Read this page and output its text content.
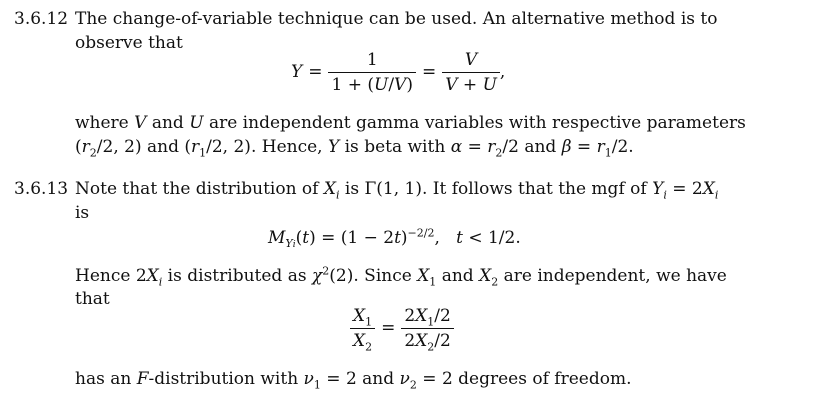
3.6.12 The change-of-variable technique can be used. An alternative method is to
observe that
$Y = \frac{1}{1 + (U/V)} = \frac{V}{V + U}$ ,
where V and U are independent gamma variables with respective parameters
($r_2/2$, 2) and ($r_1/2$, 2). Hence, Y is beta with $\alpha = r_2/2$ and $\beta = r_1/2$.
3.6.13 Note that the distribution of $X_i$ is Γ(1, 1). It follows that the mgf of $Y_i = 2X_i$
is
$M_{Yi}(t) = (1 - 2t)^{-2/2}$,   t < 1/2.
Hence $2X_i$ is distributed as $\chi^2(2)$. Since $X_1$ and $X_2$ are independent, we have
that
$\frac{X_1}{X_2} = \frac{2X_1/2}{2X_2/2}$
has an F-distribution with $\nu_1 = 2$ and $\nu_2 = 2$ degrees of freedom.
